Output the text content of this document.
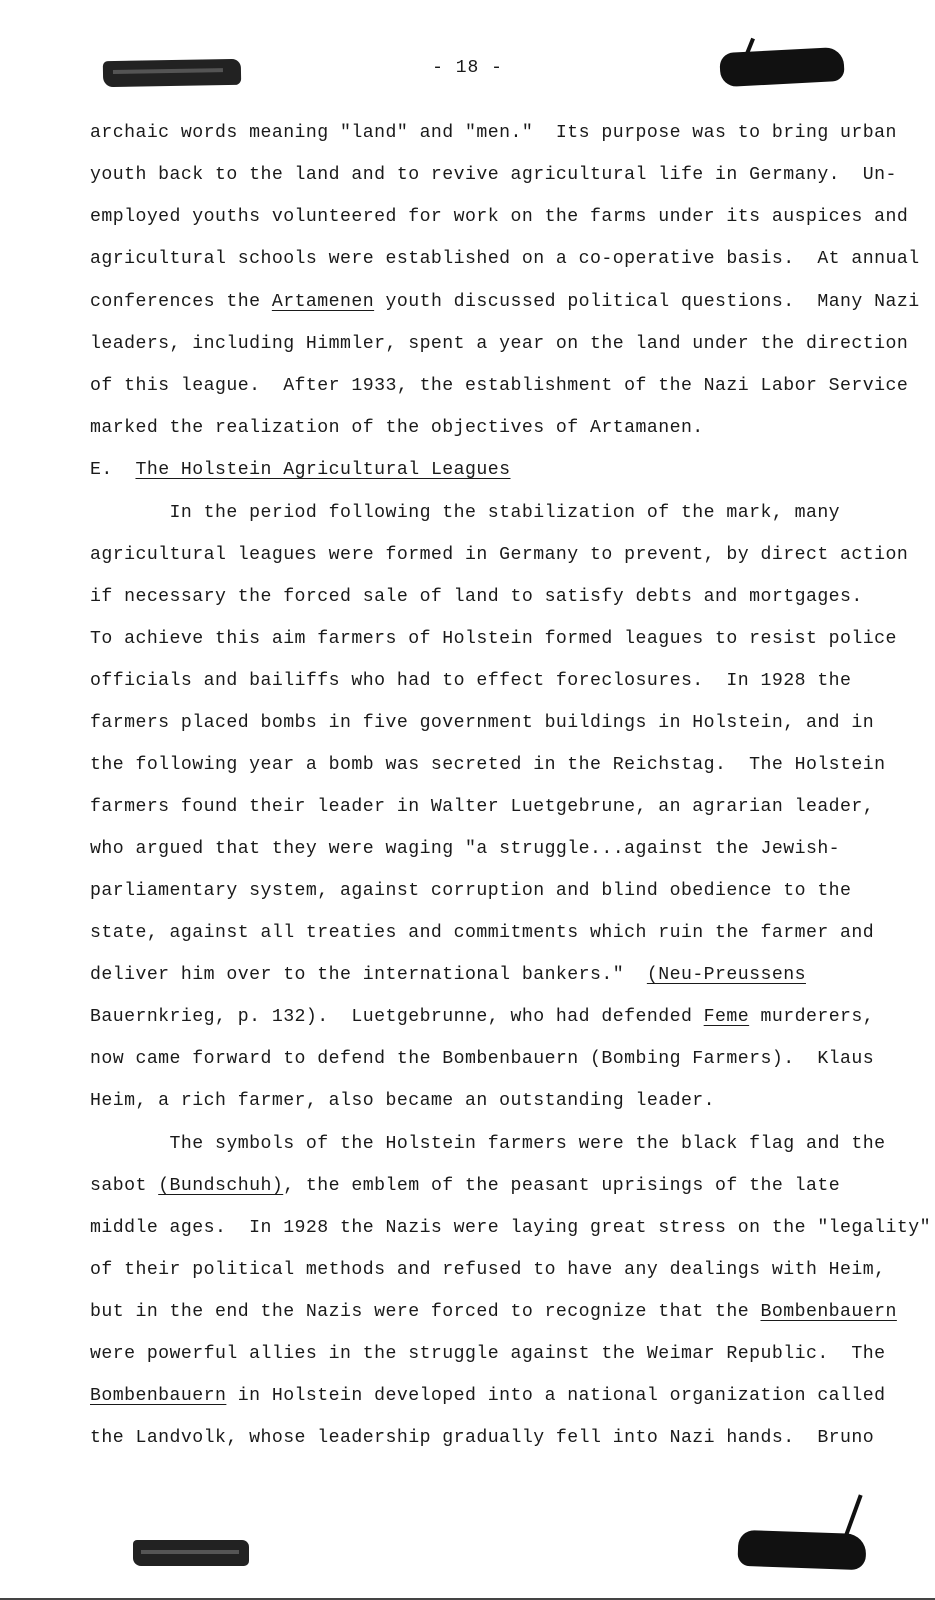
- 18 -
archaic words meaning "land" and "men."  Its purpose was to bring urban
youth back to the land and to revive agricultural life in Germany.  Un-
employed youths volunteered for work on the farms under its auspices and
agricultural schools were established on a co-operative basis.  At annual
conferences the Artamenen youth discussed political questions.  Many Nazi
leaders, including Himmler, spent a year on the land under the direction
of this league.  After 1933, the establishment of the Nazi Labor Service
marked the realization of the objectives of Artamanen.
E.  The Holstein Agricultural Leagues
In the period following the stabilization of the mark, many
agricultural leagues were formed in Germany to prevent, by direct action
if necessary the forced sale of land to satisfy debts and mortgages.
To achieve this aim farmers of Holstein formed leagues to resist police
officials and bailiffs who had to effect foreclosures.  In 1928 the
farmers placed bombs in five government buildings in Holstein, and in
the following year a bomb was secreted in the Reichstag.  The Holstein
farmers found their leader in Walter Luetgebrune, an agrarian leader,
who argued that they were waging "a struggle...against the Jewish-
parliamentary system, against corruption and blind obedience to the
state, against all treaties and commitments which ruin the farmer and
deliver him over to the international bankers."  (Neu-Preussens
Bauernkrieg, p. 132).  Luetgebrunne, who had defended Feme murderers,
now came forward to defend the Bombenbauern (Bombing Farmers).  Klaus
Heim, a rich farmer, also became an outstanding leader.
The symbols of the Holstein farmers were the black flag and the
sabot (Bundschuh), the emblem of the peasant uprisings of the late
middle ages.  In 1928 the Nazis were laying great stress on the "legality"
of their political methods and refused to have any dealings with Heim,
but in the end the Nazis were forced to recognize that the Bombenbauern
were powerful allies in the struggle against the Weimar Republic.  The
Bombenbauern in Holstein developed into a national organization called
the Landvolk, whose leadership gradually fell into Nazi hands.  Bruno
